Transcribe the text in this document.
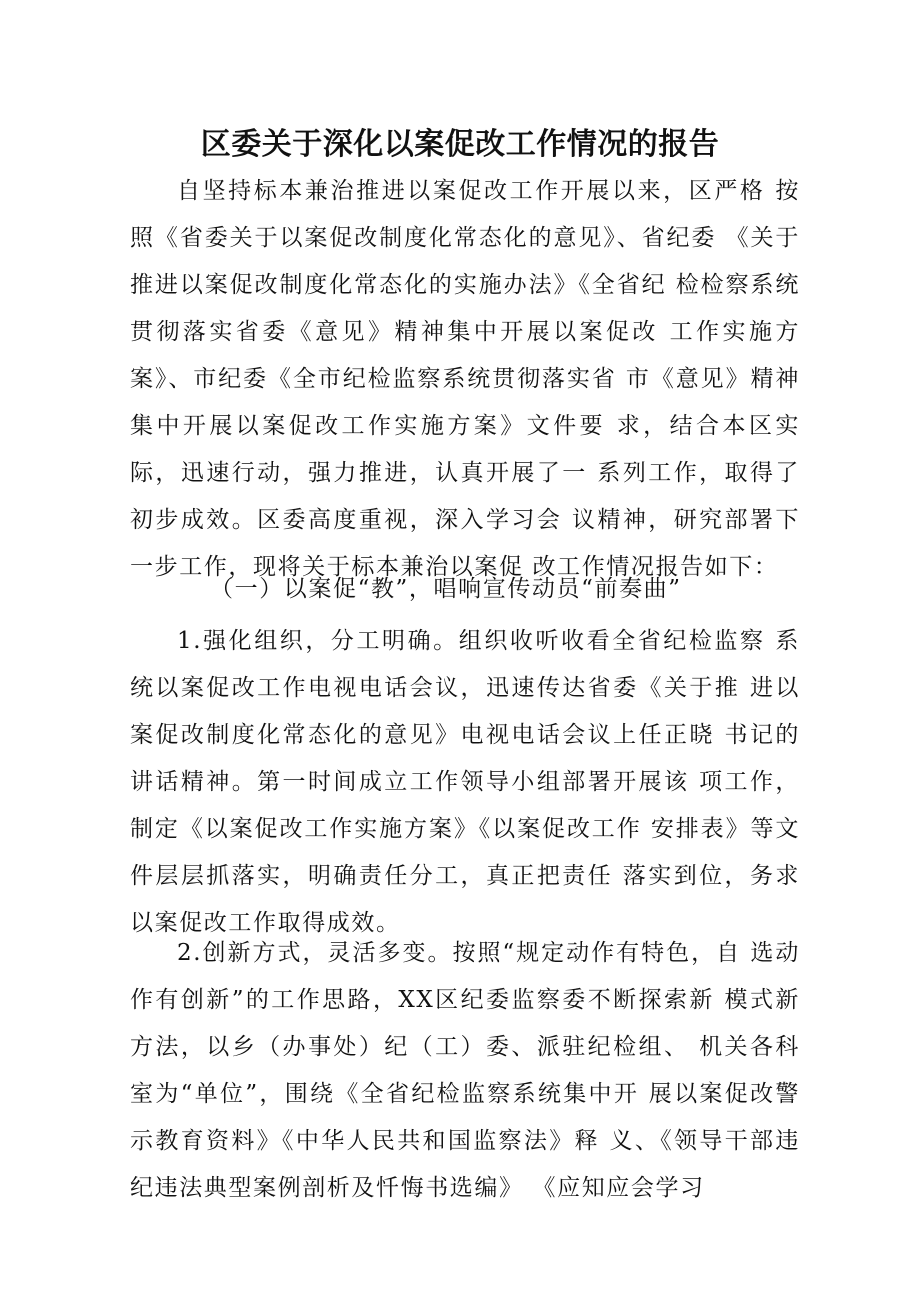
区委关于深化以案促改工作情况的报告

自坚持标本兼治推进以案促改工作开展以来，区严格 按照《省委关于以案促改制度化常态化的意见》、省纪委 《关于推进以案促改制度化常态化的实施办法》《全省纪 检检察系统贯彻落实省委《意见》精神集中开展以案促改 工作实施方案》、市纪委《全市纪检监察系统贯彻落实省 市《意见》精神集中开展以案促改工作实施方案》文件要 求，结合本区实际，迅速行动，强力推进，认真开展了一 系列工作，取得了初步成效。区委高度重视，深入学习会 议精神，研究部署下一步工作，现将关于标本兼治以案促 改工作情况报告如下：

（一）以案促“教”，唱响宣传动员“前奏曲”

1.强化组织，分工明确。组织收听收看全省纪检监察 系统以案促改工作电视电话会议，迅速传达省委《关于推 进以案促改制度化常态化的意见》电视电话会议上任正晓 书记的讲话精神。第一时间成立工作领导小组部署开展该 项工作，制定《以案促改工作实施方案》《以案促改工作 安排表》等文件层层抓落实，明确责任分工，真正把责任 落实到位，务求以案促改工作取得成效。

2.创新方式，灵活多变。按照“规定动作有特色，自 选动作有创新”的工作思路，XX区纪委监察委不断探索新 模式新方法，以乡（办事处）纪（工）委、派驻纪检组、 机关各科室为“单位”，围绕《全省纪检监察系统集中开 展以案促改警示教育资料》《中华人民共和国监察法》释 义、《领导干部违纪违法典型案例剖析及忏悔书选编》 《应知应会学习
